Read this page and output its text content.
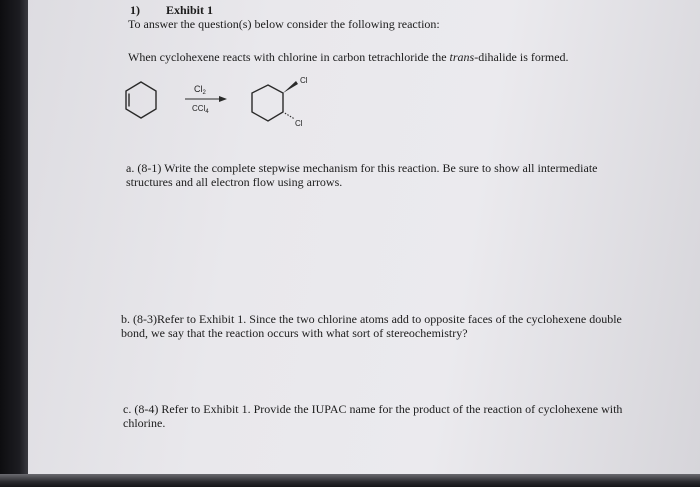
1) Exhibit 1
To answer the question(s) below consider the following reaction:
When cyclohexene reacts with chlorine in carbon tetrachloride the trans-dihalide is formed.
$Cl_2$
CCl$_4$
Cl
Cl
a. (8-1) Write the complete stepwise mechanism for this reaction. Be sure to show all intermediate
structures and all electron flow using arrows.
b. (8-3)Refer to Exhibit 1. Since the two chlorine atoms add to opposite faces of the cyclohexene double
bond, we say that the reaction occurs with what sort of stereochemistry?
c. (8-4) Refer to Exhibit 1. Provide the IUPAC name for the product of the reaction of cyclohexene with
chlorine.
